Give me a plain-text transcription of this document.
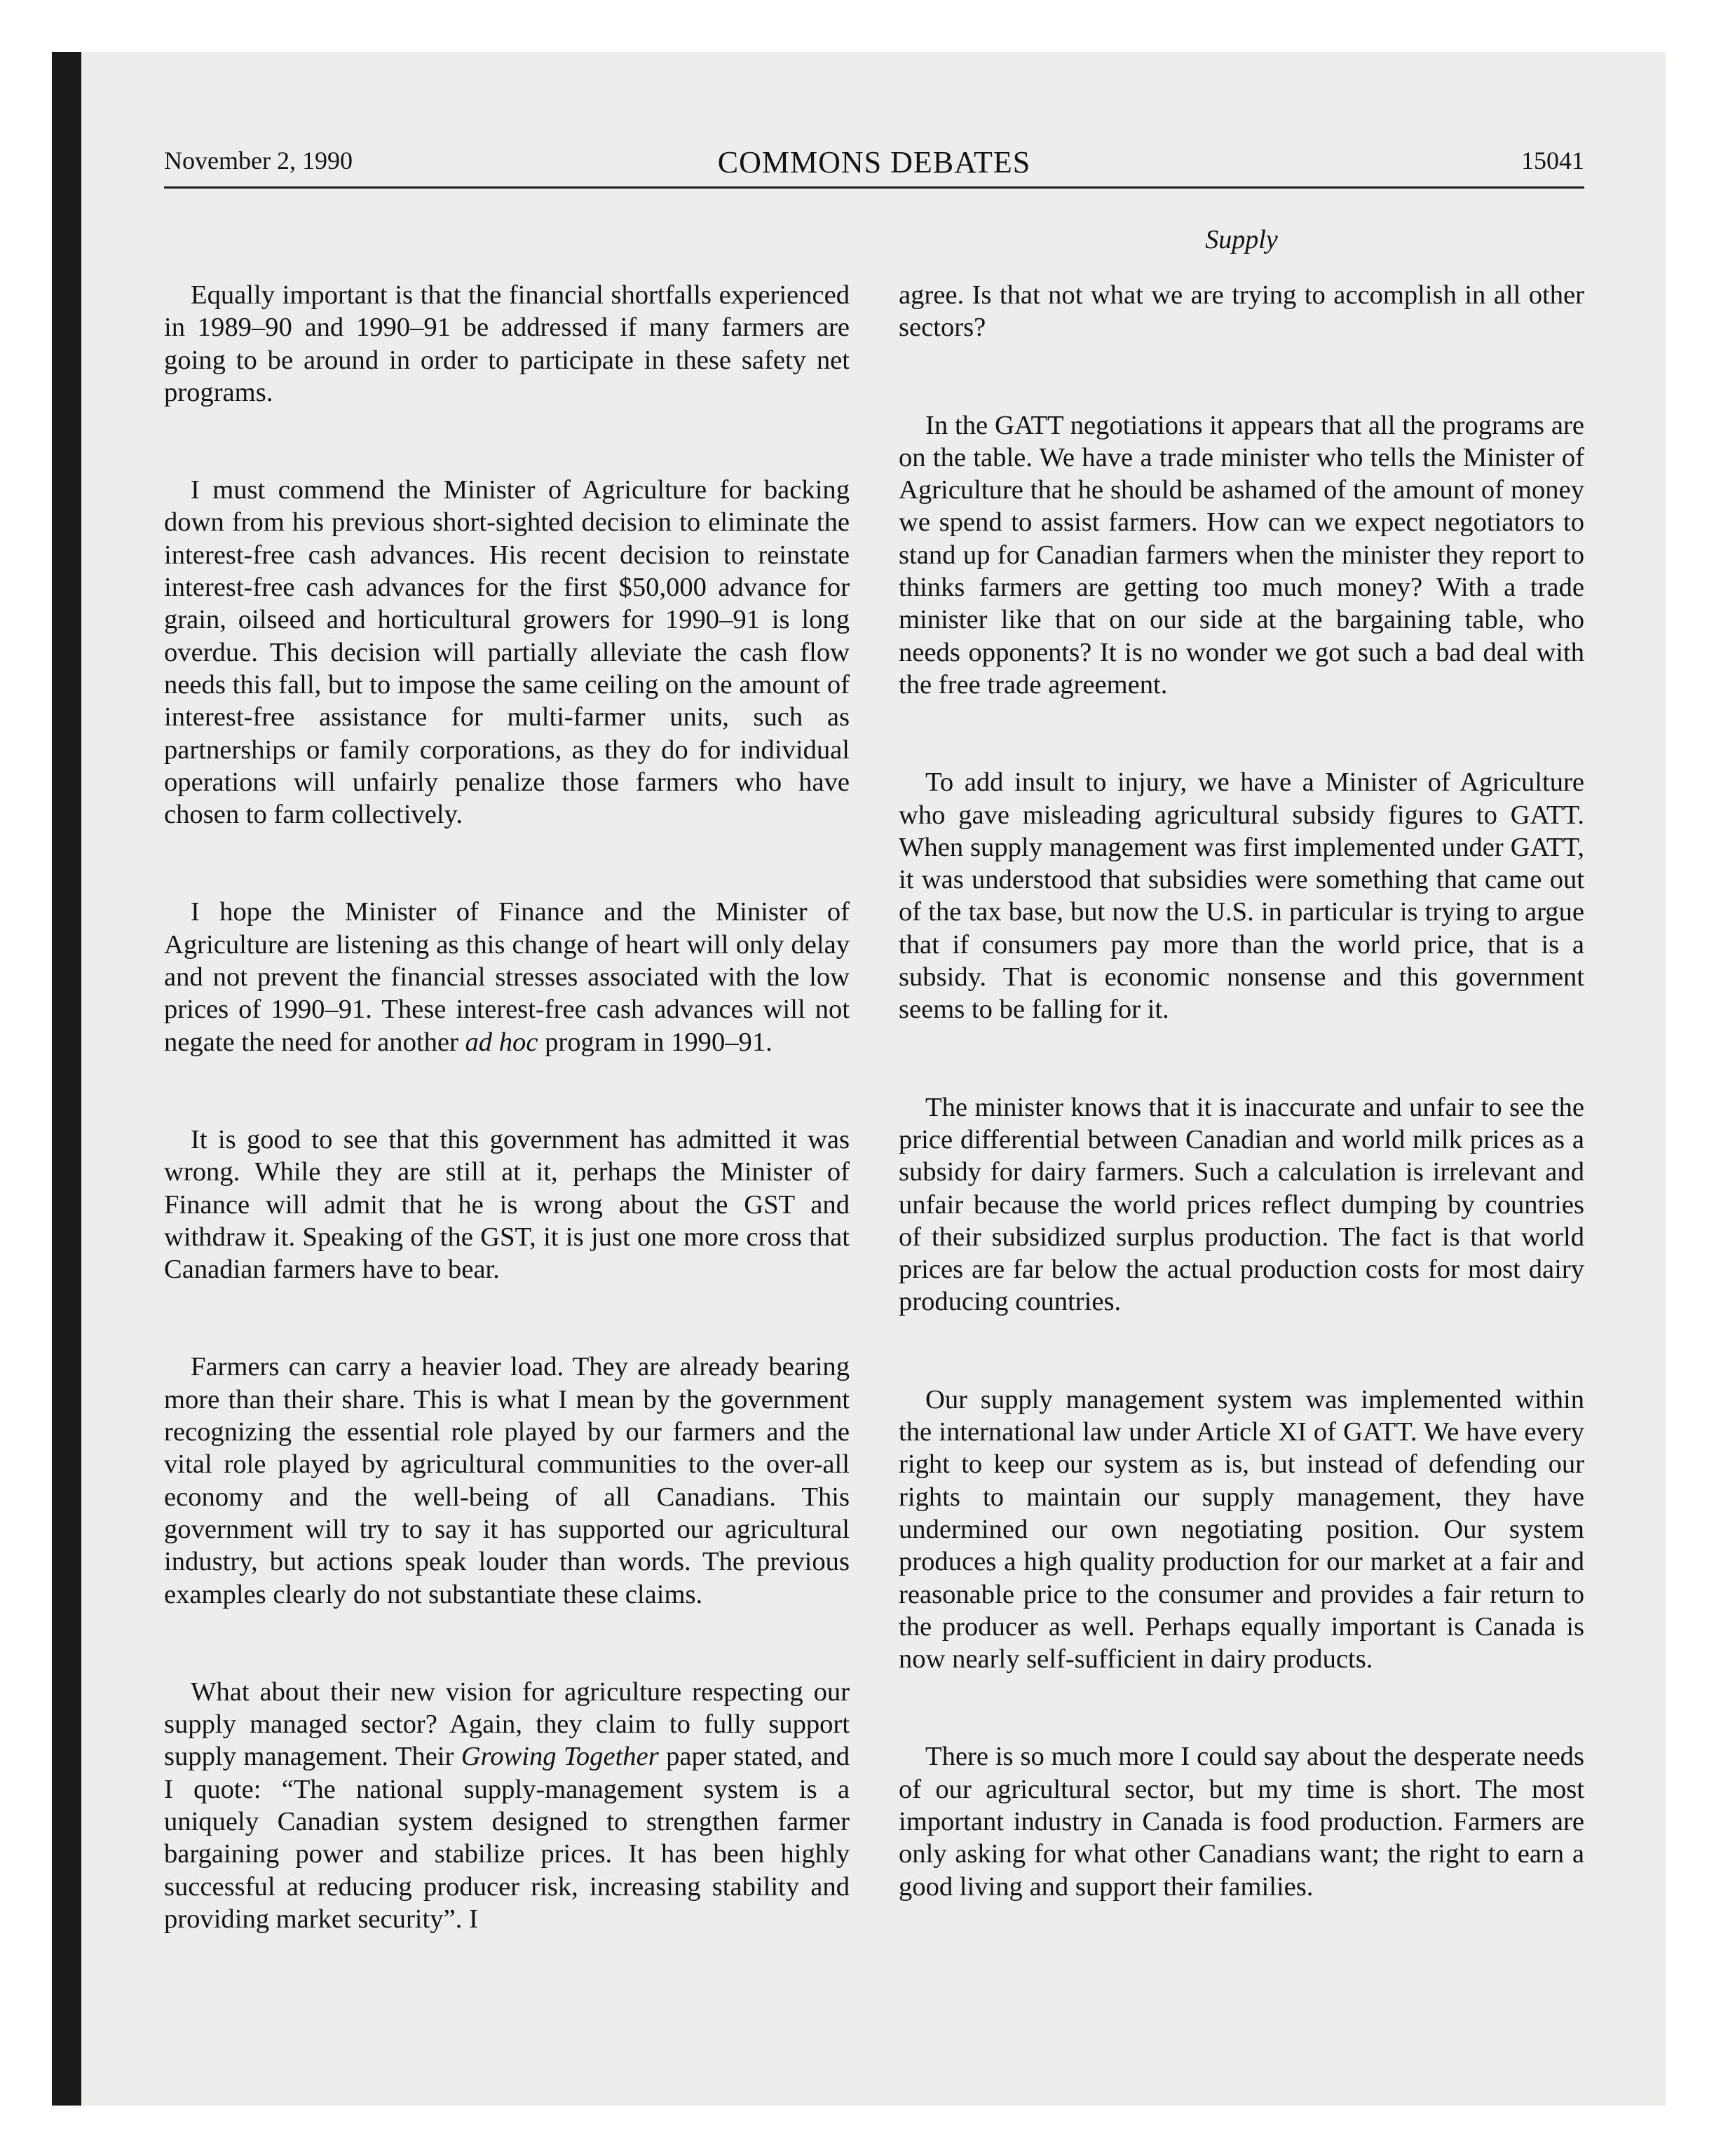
November 2, 1990	COMMONS DEBATES	15041
Supply

Equally important is that the financial shortfalls experienced in 1989–90 and 1990–91 be addressed if many farmers are going to be around in order to participate in these safety net programs.

I must commend the Minister of Agriculture for backing down from his previous short-sighted decision to eliminate the interest-free cash advances. His recent decision to reinstate interest-free cash advances for the first $50,000 advance for grain, oilseed and horticultural growers for 1990–91 is long overdue. This decision will partially alleviate the cash flow needs this fall, but to impose the same ceiling on the amount of interest-free assistance for multi-farmer units, such as partnerships or family corporations, as they do for individual operations will unfairly penalize those farmers who have chosen to farm collectively.

I hope the Minister of Finance and the Minister of Agriculture are listening as this change of heart will only delay and not prevent the financial stresses associated with the low prices of 1990–91. These interest-free cash advances will not negate the need for another ad hoc program in 1990–91.

It is good to see that this government has admitted it was wrong. While they are still at it, perhaps the Minister of Finance will admit that he is wrong about the GST and withdraw it. Speaking of the GST, it is just one more cross that Canadian farmers have to bear.

Farmers can carry a heavier load. They are already bearing more than their share. This is what I mean by the government recognizing the essential role played by our farmers and the vital role played by agricultural communities to the over-all economy and the well-being of all Canadians. This government will try to say it has supported our agricultural industry, but actions speak louder than words. The previous examples clearly do not substantiate these claims.

What about their new vision for agriculture respecting our supply managed sector? Again, they claim to fully support supply management. Their Growing Together paper stated, and I quote: “The national supply-management system is a uniquely Canadian system designed to strengthen farmer bargaining power and stabilize prices. It has been highly successful at reducing producer risk, increasing stability and providing market security”. I

agree. Is that not what we are trying to accomplish in all other sectors?

In the GATT negotiations it appears that all the programs are on the table. We have a trade minister who tells the Minister of Agriculture that he should be ashamed of the amount of money we spend to assist farmers. How can we expect negotiators to stand up for Canadian farmers when the minister they report to thinks farmers are getting too much money? With a trade minister like that on our side at the bargaining table, who needs opponents? It is no wonder we got such a bad deal with the free trade agreement.

To add insult to injury, we have a Minister of Agriculture who gave misleading agricultural subsidy figures to GATT. When supply management was first implemented under GATT, it was understood that subsidies were something that came out of the tax base, but now the U.S. in particular is trying to argue that if consumers pay more than the world price, that is a subsidy. That is economic nonsense and this government seems to be falling for it.

The minister knows that it is inaccurate and unfair to see the price differential between Canadian and world milk prices as a subsidy for dairy farmers. Such a calculation is irrelevant and unfair because the world prices reflect dumping by countries of their subsidized surplus production. The fact is that world prices are far below the actual production costs for most dairy producing countries.

Our supply management system was implemented within the international law under Article XI of GATT. We have every right to keep our system as is, but instead of defending our rights to maintain our supply management, they have undermined our own negotiating position. Our system produces a high quality production for our market at a fair and reasonable price to the consumer and provides a fair return to the producer as well. Perhaps equally important is Canada is now nearly self-sufficient in dairy products.

There is so much more I could say about the desperate needs of our agricultural sector, but my time is short. The most important industry in Canada is food production. Farmers are only asking for what other Canadians want; the right to earn a good living and support their families.
